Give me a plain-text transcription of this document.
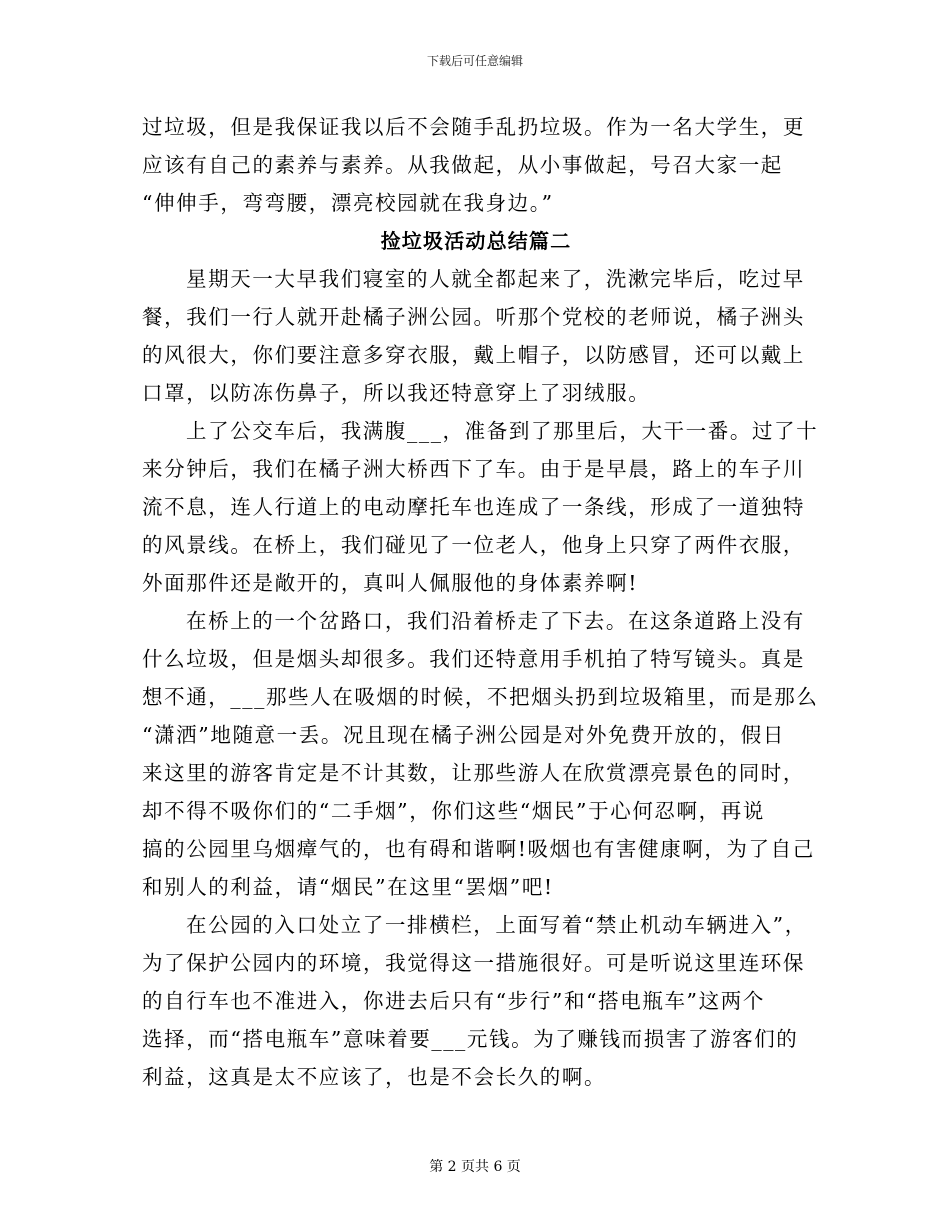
下载后可任意编辑

过垃圾，但是我保证我以后不会随手乱扔垃圾。作为一名大学生，更
应该有自己的素养与素养。从我做起，从小事做起，号召大家一起
“伸伸手，弯弯腰，漂亮校园就在我身边。”

捡垃圾活动总结篇二

星期天一大早我们寝室的人就全都起来了，洗漱完毕后，吃过早
餐，我们一行人就开赴橘子洲公园。听那个党校的老师说，橘子洲头
的风很大，你们要注意多穿衣服，戴上帽子，以防感冒，还可以戴上
口罩，以防冻伤鼻子，所以我还特意穿上了羽绒服。

上了公交车后，我满腹___，准备到了那里后，大干一番。过了十
来分钟后，我们在橘子洲大桥西下了车。由于是早晨，路上的车子川
流不息，连人行道上的电动摩托车也连成了一条线，形成了一道独特
的风景线。在桥上，我们碰见了一位老人，他身上只穿了两件衣服，
外面那件还是敞开的，真叫人佩服他的身体素养啊!

在桥上的一个岔路口，我们沿着桥走了下去。在这条道路上没有
什么垃圾，但是烟头却很多。我们还特意用手机拍了特写镜头。真是
想不通，___那些人在吸烟的时候，不把烟头扔到垃圾箱里，而是那么
“潇洒”地随意一丢。况且现在橘子洲公园是对外免费开放的，假日
来这里的游客肯定是不计其数，让那些游人在欣赏漂亮景色的同时，
却不得不吸你们的“二手烟”，你们这些“烟民”于心何忍啊，再说
搞的公园里乌烟瘴气的，也有碍和谐啊!吸烟也有害健康啊，为了自己
和别人的利益，请“烟民”在这里“罢烟”吧!

在公园的入口处立了一排横栏，上面写着“禁止机动车辆进入”，
为了保护公园内的环境，我觉得这一措施很好。可是听说这里连环保
的自行车也不准进入，你进去后只有“步行”和“搭电瓶车”这两个
选择，而“搭电瓶车”意味着要___元钱。为了赚钱而损害了游客们的
利益，这真是太不应该了，也是不会长久的啊。

第 2 页共 6 页
